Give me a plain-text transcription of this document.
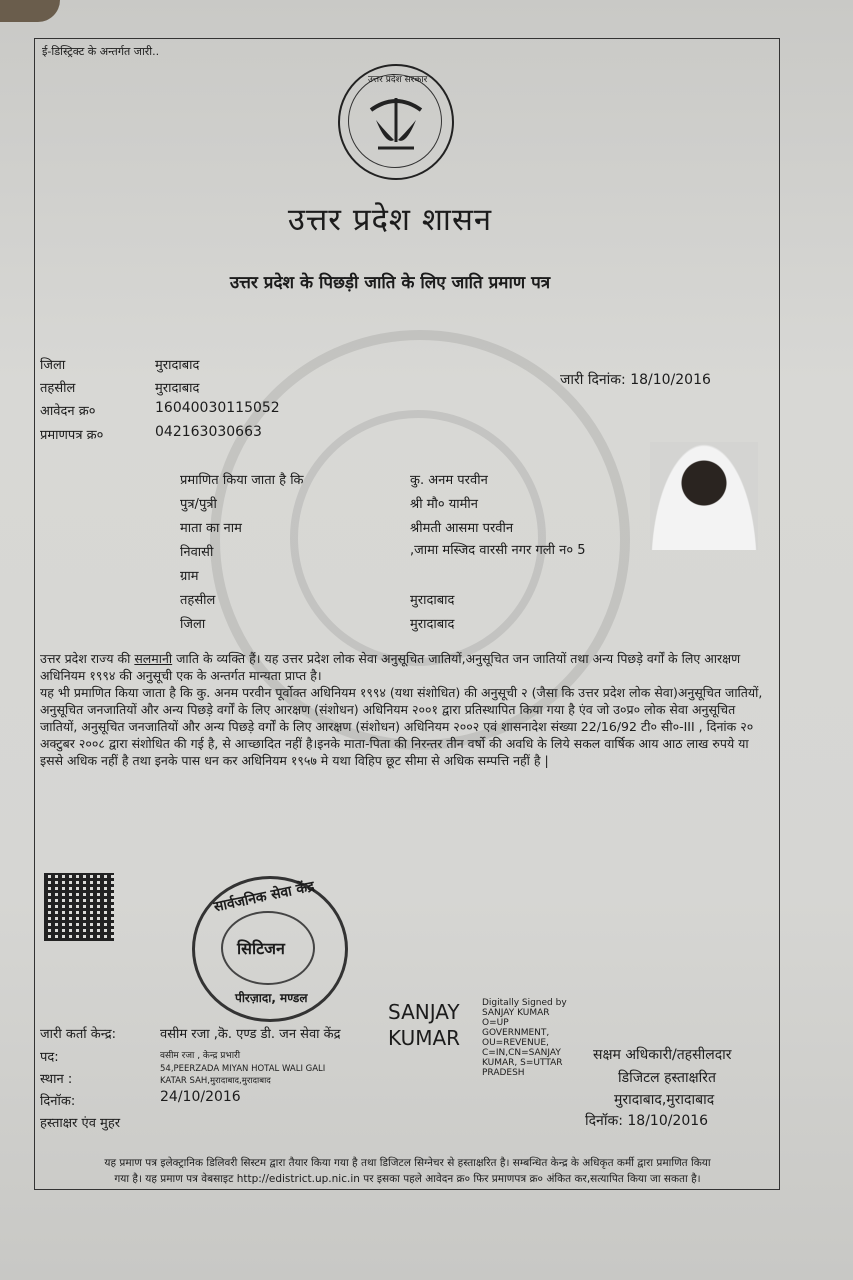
ई-डिस्ट्रिक्ट के अन्तर्गत जारी..
उत्तर प्रदेश सरकार
उत्तर प्रदेश शासन
उत्तर प्रदेश के पिछड़ी जाति के लिए जाति प्रमाण पत्र
जिला	मुरादाबाद
तहसील	मुरादाबाद
आवेदन क्र०	16040030115052
प्रमाणपत्र क्र०	042163030663
जारी दिनांक: 18/10/2016
प्रमाणित किया जाता है कि	कु. अनम परवीन
पुत्र/पुत्री	श्री मौ० यामीन
माता का नाम	श्रीमती आसमा परवीन
निवासी	,जामा मस्जिद वारसी नगर गली न० 5
ग्राम
तहसील	मुरादाबाद
जिला	मुरादाबाद
उत्तर प्रदेश राज्य की सलमानी जाति के व्यक्ति हैं। यह उत्तर प्रदेश लोक सेवा अनुसूचित जातियों,अनुसूचित जन जातियों तथा अन्य पिछड़े वर्गों के लिए आरक्षण अधिनियम १९९४ की अनुसूची एक के अन्तर्गत मान्यता प्राप्त है।
यह भी प्रमाणित किया जाता है कि कु. अनम परवीन पूर्वोक्त अधिनियम १९९४ (यथा संशोधित) की अनुसूची २ (जैसा कि उत्तर प्रदेश लोक सेवा)अनुसूचित जातियों, अनुसूचित जनजातियों और अन्य पिछड़े वर्गों के लिए आरक्षण (संशोधन) अधिनियम २००१ द्वारा प्रतिस्थापित किया गया है एंव जो उ०प्र० लोक सेवा अनुसूचित जातियों, अनुसूचित जनजातियों और अन्य पिछड़े वर्गों के लिए आरक्षण (संशोधन) अधिनियम २००२ एवं शासनादेश संख्या 22/16/92 टी० सी०-III , दिनांक २० अक्टुबर २००८ द्वारा संशोधित की गई है, से आच्छादित नहीं है।इनके माता-पिता की निरन्तर तीन वर्षो की अवधि के लिये सकल वार्षिक आय आठ लाख रुपये या इससे अधिक नहीं है तथा इनके पास धन कर अधिनियम १९५७ मे यथा विहिप छूट सीमा से अधिक सम्पत्ति नहीं है |
सार्वजनिक सेवा केंद्र
सिटिजन
पीरज़ादा, मण्डल
जारी कर्ता केन्द्र:	वसीम रजा ,कॆ. एण्ड डी. जन सेवा केंद्र
पद:	वसीम रजा , केन्द्र प्रभारी
स्थान :
54,PEERZADA MIYAN HOTAL WALI GALI
KATAR SAH,मुरादाबाद,मुरादाबाद
दिनॉक:	24/10/2016
हस्ताक्षर एंव मुहर
SANJAY
KUMAR
Digitally Signed by
SANJAY KUMAR
O=UP
GOVERNMENT,
OU=REVENUE,
C=IN,CN=SANJAY
KUMAR, S=UTTAR
PRADESH
सक्षम अधिकारी/तहसीलदार
डिजिटल हस्ताक्षरित
मुरादाबाद,मुरादाबाद
दिनॉक: 18/10/2016
यह प्रमाण पत्र इलेक्ट्रानिक डिलिवरी सिस्टम द्वारा तैयार किया गया है तथा डिजिटल सिग्नेचर से हस्ताक्षरित है। सम्बन्धित केन्द्र के अधिकृत कर्मी द्वारा प्रमाणित किया
गया है। यह प्रमाण पत्र वेबसाइट http://edistrict.up.nic.in पर इसका पहले आवेदन क्र० फिर प्रमाणपत्र क्र० अंकित कर,सत्यापित किया जा सकता है।
